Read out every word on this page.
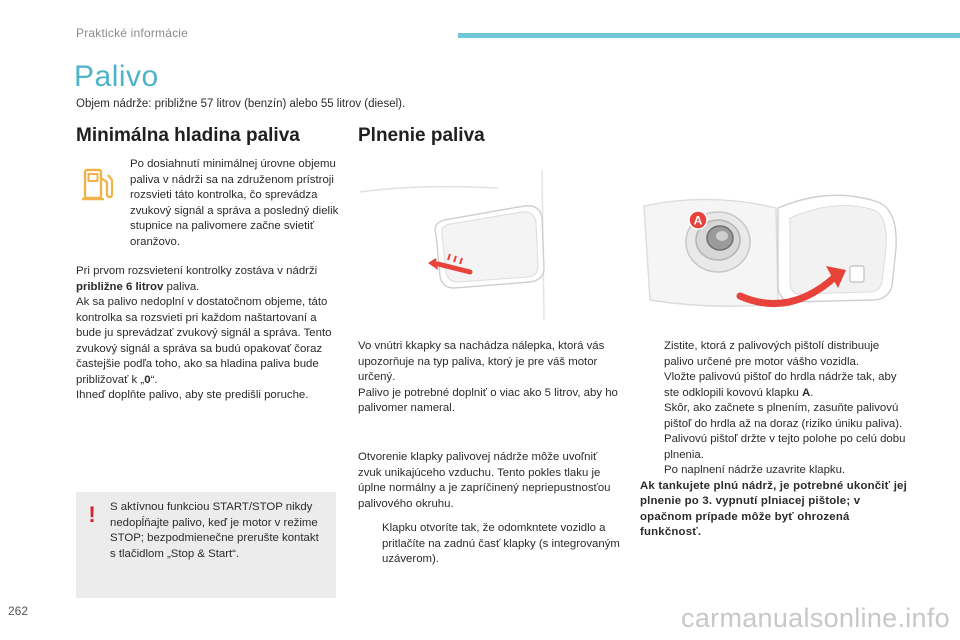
Praktické informácie
Palivo
Objem nádrže: približne 57 litrov (benzín) alebo 55 litrov (diesel).
Minimálna hladina paliva
Po dosiahnutí minimálnej úrovne objemu paliva v nádrži sa na združenom prístroji rozsvieti táto kontrolka, čo sprevádza zvukový signál a správa a posledný dielik stupnice na palivomere začne svietiť oranžovo.

Pri prvom rozsvietení kontrolky zostáva v nádrži približne 6 litrov paliva.

Ak sa palivo nedoplní v dostatočnom objeme, táto kontrolka sa rozsvieti pri každom naštartovaní a bude ju sprevádzať zvukový signál a správa. Tento zvukový signál a správa sa budú opakovať čoraz častejšie podľa toho, ako sa hladina paliva bude približovať k „0“.

Ihneď doplňte palivo, aby ste predišli poruche.

! S aktívnou funkciou START/STOP nikdy nedopĺňajte palivo, keď je motor v režime STOP; bezpodmienečne prerušte kontakt s tlačidlom „Stop & Start“.
Plnenie paliva

Vo vnútri kkapky sa nachádza nálepka, ktorá vás upozorňuje na typ paliva, ktorý je pre váš motor určený.

Palivo je potrebné doplniť o viac ako 5 litrov, aby ho palivomer nameral.

Otvorenie klapky palivovej nádrže môže uvoľniť zvuk unikajúceho vzduchu. Tento pokles tlaku je úplne normálny a je zapríčinený nepriepustnosťou palivového okruhu.
Klapku otvoríte tak, že odomkntete vozidlo a pritlačíte na zadnú časť klapky (s integrovaným uzáverom).
A
Zistite, ktorá z palivových pištolí distribuuje palivo určené pre motor vášho vozidla.
Vložte palivovú pištoľ do hrdla nádrže tak, aby ste odklopili kovovú klapku A.
Skôr, ako začnete s plnením, zasuňte palivovú pištoľ do hrdla až na doraz (riziko úniku paliva).
Palivovú pištoľ držte v tejto polohe po celú dobu plnenia.
Po naplnení nádrže uzavrite klapku.

Ak tankujete plnú nádrž, je potrebné ukončiť jej plnenie po 3. vypnutí plniacej pištole; v opačnom prípade môže byť ohrozená funkčnosť.

262	carmanualsonline.info
